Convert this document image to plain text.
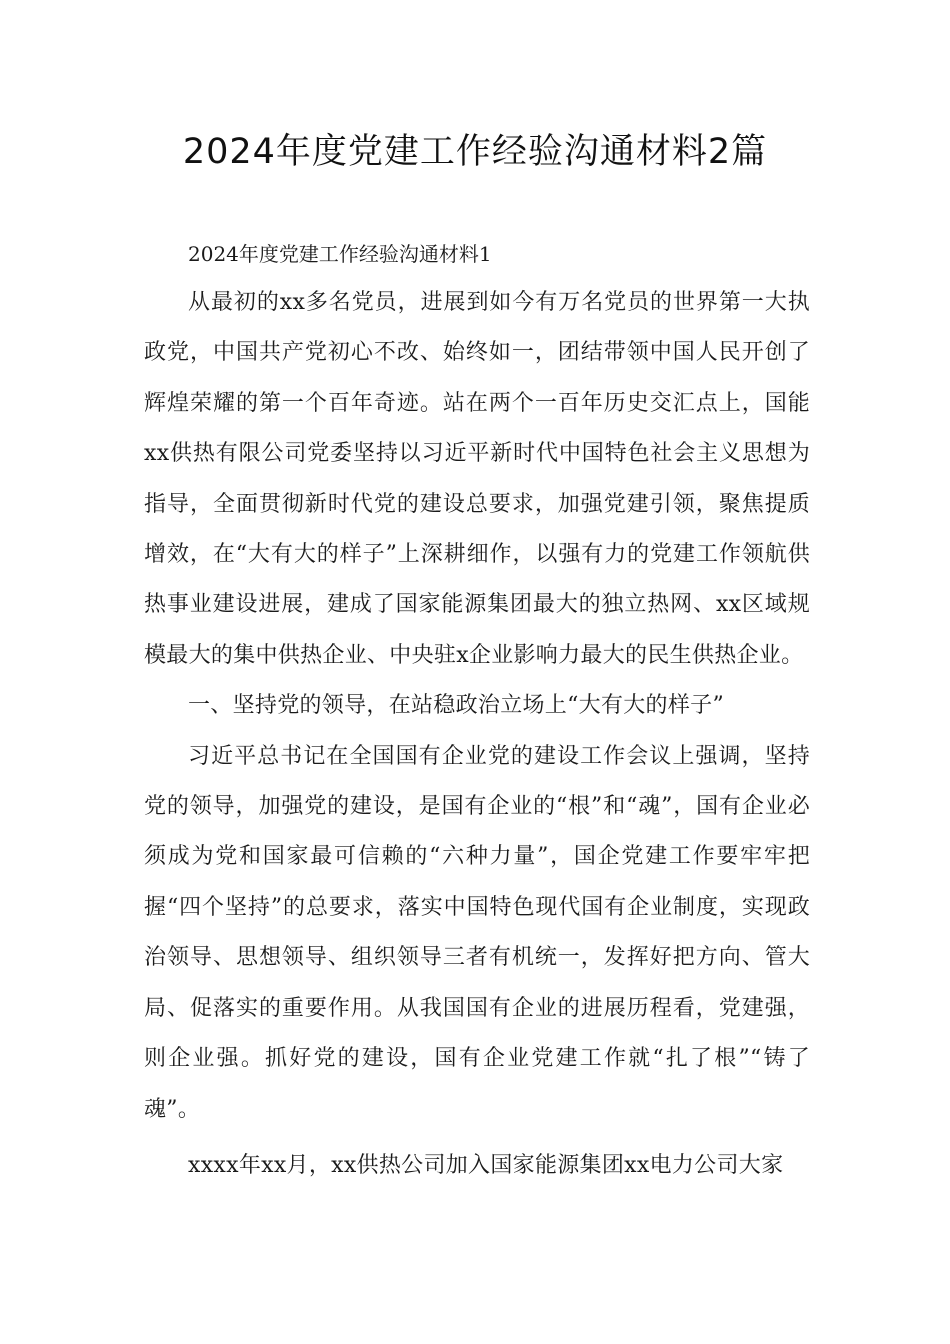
2024年度党建工作经验沟通材料2篇

2024年度党建工作经验沟通材料1

从最初的xx多名党员，进展到如今有万名党员的世界第一大执政党，中国共产党初心不改、始终如一，团结带领中国人民开创了辉煌荣耀的第一个百年奇迹。站在两个一百年历史交汇点上，国能xx供热有限公司党委坚持以习近平新时代中国特色社会主义思想为指导，全面贯彻新时代党的建设总要求，加强党建引领，聚焦提质增效，在“大有大的样子”上深耕细作，以强有力的党建工作领航供热事业建设进展，建成了国家能源集团最大的独立热网、xx区域规模最大的集中供热企业、中央驻x企业影响力最大的民生供热企业。

一、坚持党的领导，在站稳政治立场上“大有大的样子”

习近平总书记在全国国有企业党的建设工作会议上强调，坚持党的领导，加强党的建设，是国有企业的“根”和“魂”，国有企业必须成为党和国家最可信赖的“六种力量”，国企党建工作要牢牢把握“四个坚持”的总要求，落实中国特色现代国有企业制度，实现政治领导、思想领导、组织领导三者有机统一，发挥好把方向、管大局、促落实的重要作用。从我国国有企业的进展历程看，党建强，则企业强。抓好党的建设，国有企业党建工作就“扎了根”“铸了魂”。

xxxx年xx月，xx供热公司加入国家能源集团xx电力公司大家
